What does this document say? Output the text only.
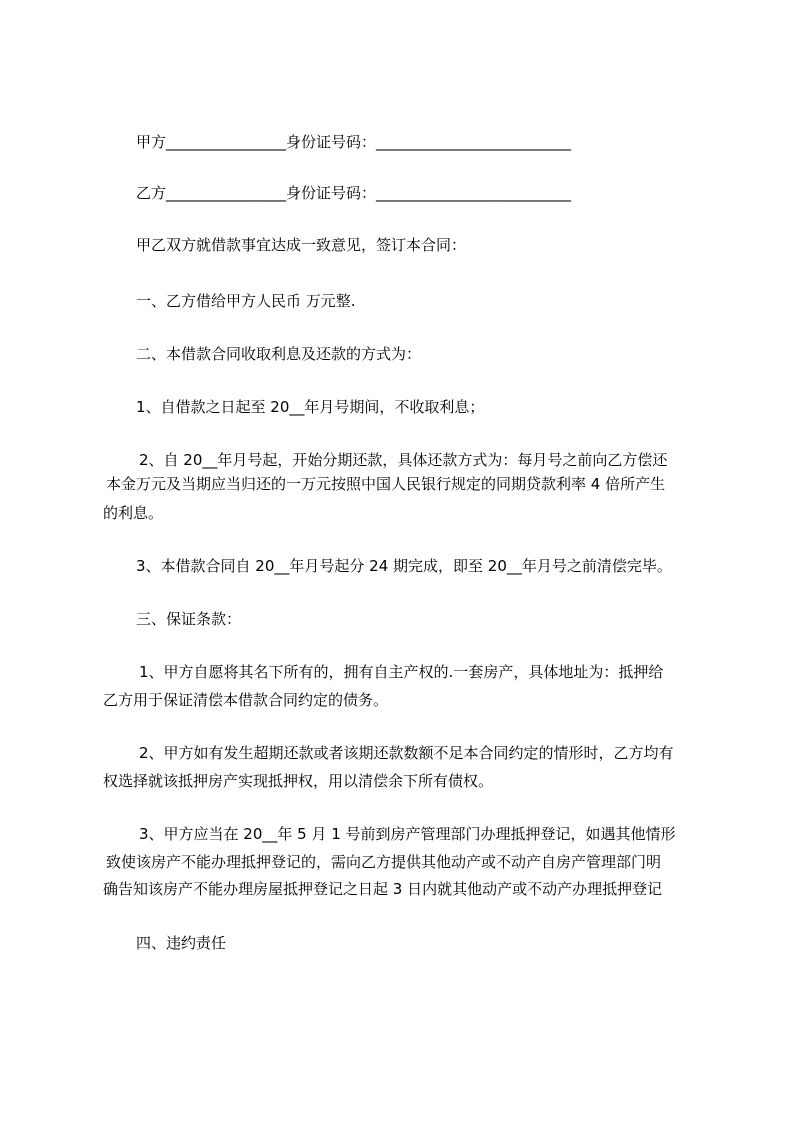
甲方________________身份证号码：__________________________
乙方________________身份证号码：__________________________
甲乙双方就借款事宜达成一致意见，签订本合同：
一、乙方借给甲方人民币 万元整.
二、本借款合同收取利息及还款的方式为：
1、自借款之日起至 20__年月号期间，不收取利息；
2、自 20__年月号起，开始分期还款，具体还款方式为：每月号之前向乙方偿还
本金万元及当期应当归还的一万元按照中国人民银行规定的同期贷款利率 4 倍所产生
的利息。
3、本借款合同自 20__年月号起分 24 期完成，即至 20__年月号之前清偿完毕。
三、保证条款：
1、甲方自愿将其名下所有的，拥有自主产权的.一套房产，具体地址为：抵押给
乙方用于保证清偿本借款合同约定的债务。
2、甲方如有发生超期还款或者该期还款数额不足本合同约定的情形时，乙方均有
权选择就该抵押房产实现抵押权，用以清偿余下所有债权。
3、甲方应当在 20__年 5 月 1 号前到房产管理部门办理抵押登记，如遇其他情形
致使该房产不能办理抵押登记的，需向乙方提供其他动产或不动产自房产管理部门明
确告知该房产不能办理房屋抵押登记之日起 3 日内就其他动产或不动产办理抵押登记
四、违约责任
